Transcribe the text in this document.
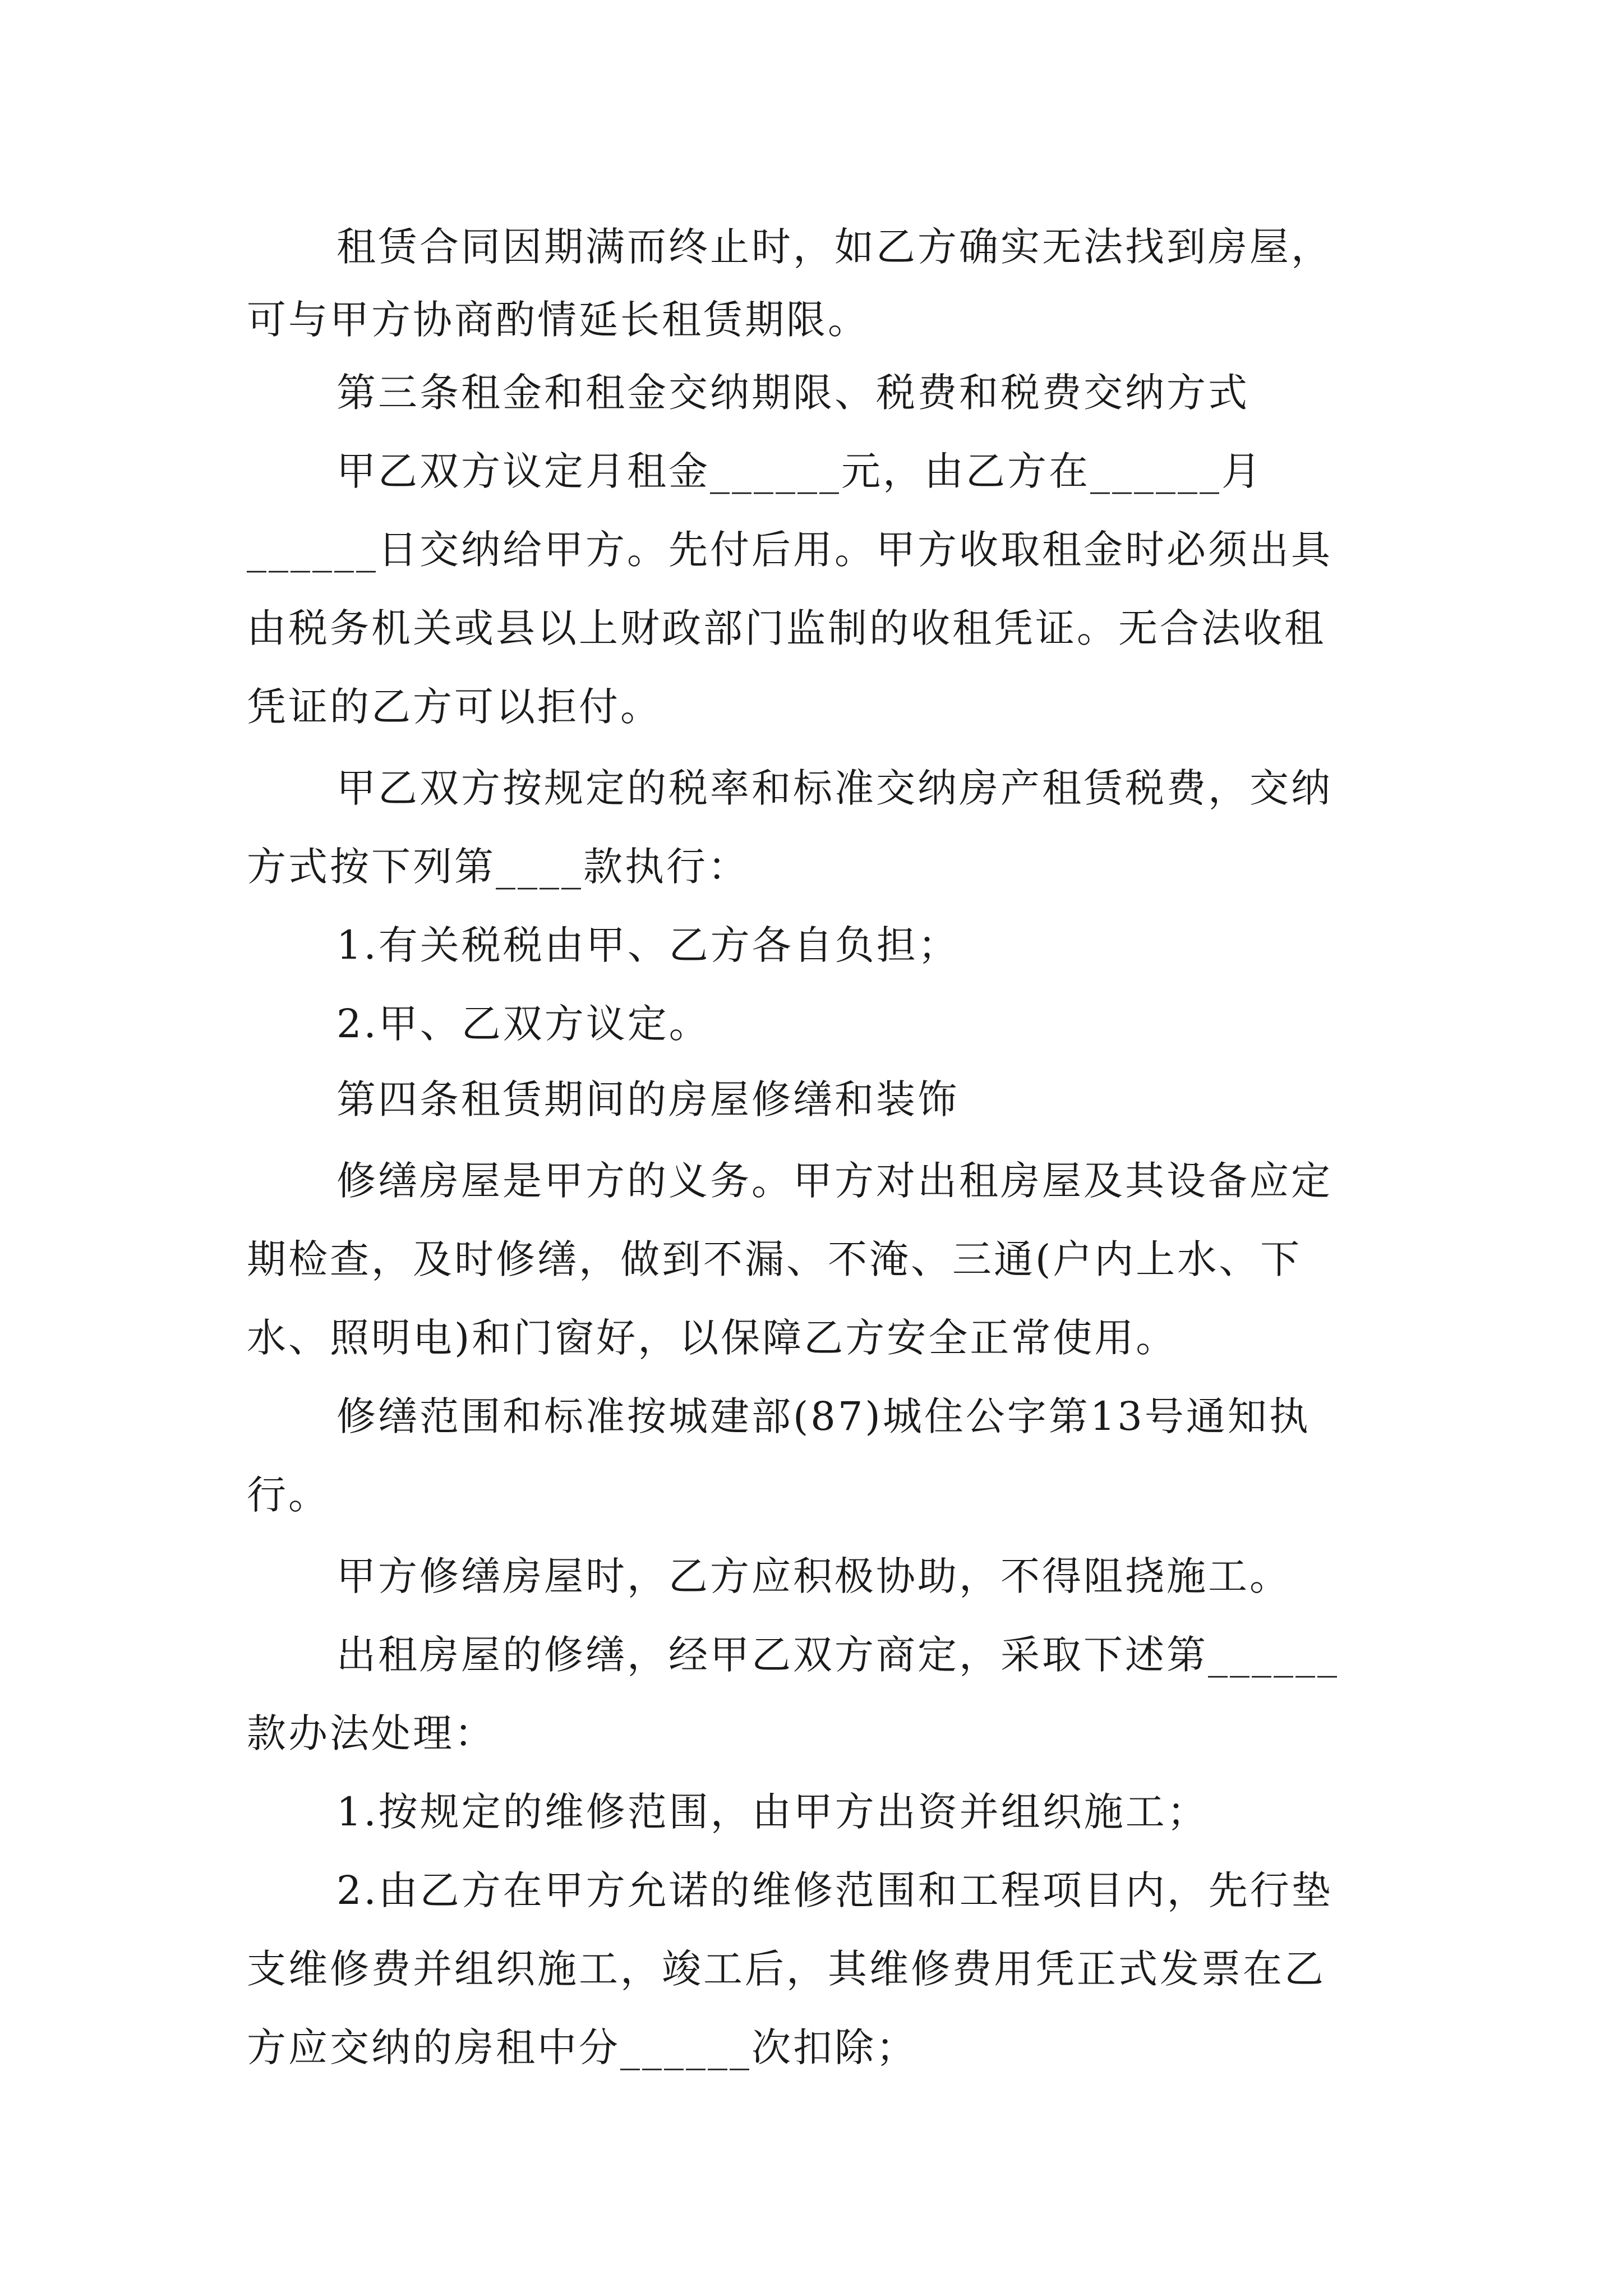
租赁合同因期满而终止时，如乙方确实无法找到房屋，
可与甲方协商酌情延长租赁期限。
第三条租金和租金交纳期限、税费和税费交纳方式
甲乙双方议定月租金______元，由乙方在______月
______日交纳给甲方。先付后用。甲方收取租金时必须出具
由税务机关或县以上财政部门监制的收租凭证。无合法收租
凭证的乙方可以拒付。
甲乙双方按规定的税率和标准交纳房产租赁税费，交纳
方式按下列第____款执行：
1.有关税税由甲、乙方各自负担；
2.甲、乙双方议定。
第四条租赁期间的房屋修缮和装饰
修缮房屋是甲方的义务。甲方对出租房屋及其设备应定
期检查，及时修缮，做到不漏、不淹、三通(户内上水、下
水、照明电)和门窗好，以保障乙方安全正常使用。
修缮范围和标准按城建部(87)城住公字第13号通知执
行。
甲方修缮房屋时，乙方应积极协助，不得阻挠施工。
出租房屋的修缮，经甲乙双方商定，采取下述第______
款办法处理：
1.按规定的维修范围，由甲方出资并组织施工；
2.由乙方在甲方允诺的维修范围和工程项目内，先行垫
支维修费并组织施工，竣工后，其维修费用凭正式发票在乙
方应交纳的房租中分______次扣除；
